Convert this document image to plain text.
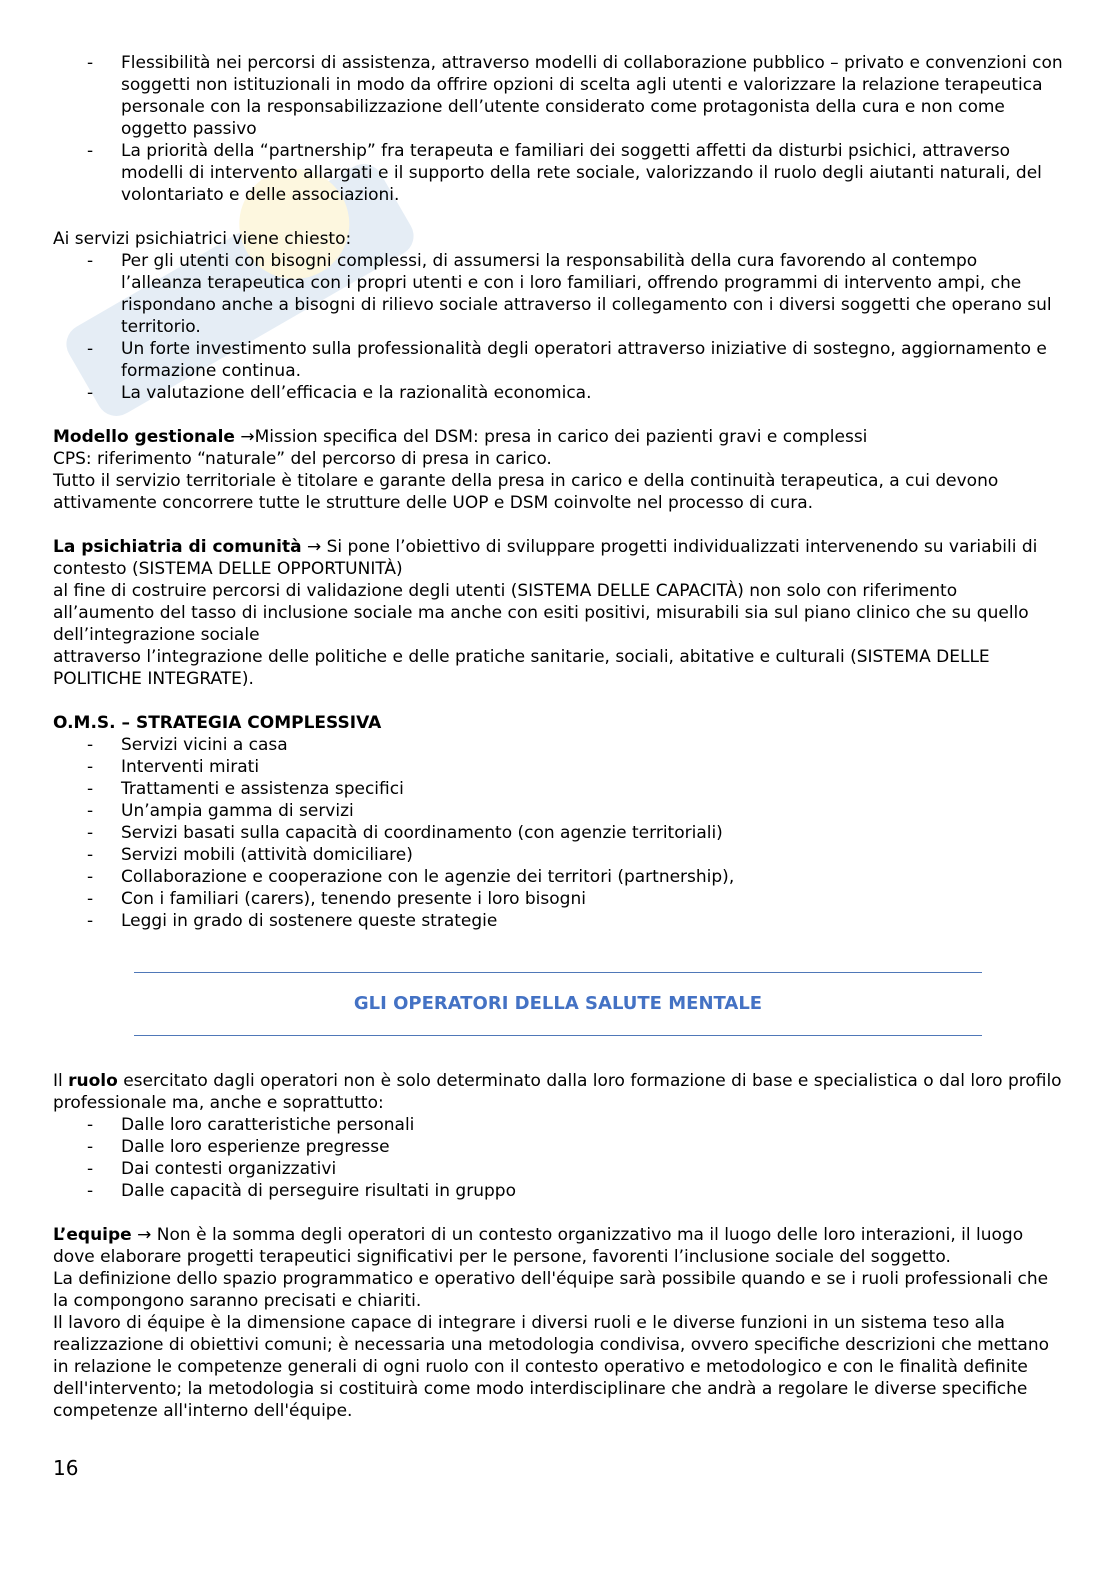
- Flessibilità nei percorsi di assistenza, attraverso modelli di collaborazione pubblico – privato e convenzioni con soggetti non istituzionali in modo da offrire opzioni di scelta agli utenti e valorizzare la relazione terapeutica personale con la responsabilizzazione dell’utente considerato come protagonista della cura e non come oggetto passivo
- La priorità della “partnership” fra terapeuta e familiari dei soggetti affetti da disturbi psichici, attraverso modelli di intervento allargati e il supporto della rete sociale, valorizzando il ruolo degli aiutanti naturali, del volontariato e delle associazioni.

Ai servizi psichiatrici viene chiesto:

- Per gli utenti con bisogni complessi, di assumersi la responsabilità della cura favorendo al contempo l’alleanza terapeutica con i propri utenti e con i loro familiari, offrendo programmi di intervento ampi, che rispondano anche a bisogni di rilievo sociale attraverso il collegamento con i diversi soggetti che operano sul territorio.
- Un forte investimento sulla professionalità degli operatori attraverso iniziative di sostegno, aggiornamento e formazione continua.
- La valutazione dell’efficacia e la razionalità economica.

Modello gestionale →Mission specifica del DSM: presa in carico dei pazienti gravi e complessi

CPS: riferimento “naturale” del percorso di presa in carico.

Tutto il servizio territoriale è titolare e garante della presa in carico e della continuità terapeutica, a cui devono attivamente concorrere tutte le strutture delle UOP e DSM coinvolte nel processo di cura.

La psichiatria di comunità → Si pone l’obiettivo di sviluppare progetti individualizzati intervenendo su variabili di contesto (SISTEMA DELLE OPPORTUNITÀ)

al fine di costruire percorsi di validazione degli utenti (SISTEMA DELLE CAPACITÀ) non solo con riferimento all’aumento del tasso di inclusione sociale ma anche con esiti positivi, misurabili sia sul piano clinico che su quello dell’integrazione sociale

attraverso l’integrazione delle politiche e delle pratiche sanitarie, sociali, abitative e culturali (SISTEMA DELLE POLITICHE INTEGRATE).

O.M.S. – STRATEGIA COMPLESSIVA

- Servizi vicini a casa
- Interventi mirati
- Trattamenti e assistenza specifici
- Un’ampia gamma di servizi
- Servizi basati sulla capacità di coordinamento (con agenzie territoriali)
- Servizi mobili (attività domiciliare)
- Collaborazione e cooperazione con le agenzie dei territori (partnership),
- Con i familiari (carers), tenendo presente i loro bisogni
- Leggi in grado di sostenere queste strategie
GLI OPERATORI DELLA SALUTE MENTALE

Il ruolo esercitato dagli operatori non è solo determinato dalla loro formazione di base e specialistica o dal loro profilo professionale ma, anche e soprattutto:

- Dalle loro caratteristiche personali
- Dalle loro esperienze pregresse
- Dai contesti organizzativi
- Dalle capacità di perseguire risultati in gruppo

L’equipe → Non è la somma degli operatori di un contesto organizzativo ma il luogo delle loro interazioni, il luogo dove elaborare progetti terapeutici significativi per le persone, favorenti l’inclusione sociale del soggetto.

La definizione dello spazio programmatico e operativo dell'équipe sarà possibile quando e se i ruoli professionali che la compongono saranno precisati e chiariti.

Il lavoro di équipe è la dimensione capace di integrare i diversi ruoli e le diverse funzioni in un sistema teso alla realizzazione di obiettivi comuni; è necessaria una metodologia condivisa, ovvero specifiche descrizioni che mettano in relazione le competenze generali di ogni ruolo con il contesto operativo e metodologico e con le finalità definite dell'intervento; la metodologia si costituirà come modo interdisciplinare che andrà a regolare le diverse specifiche competenze all'interno dell'équipe.

16
